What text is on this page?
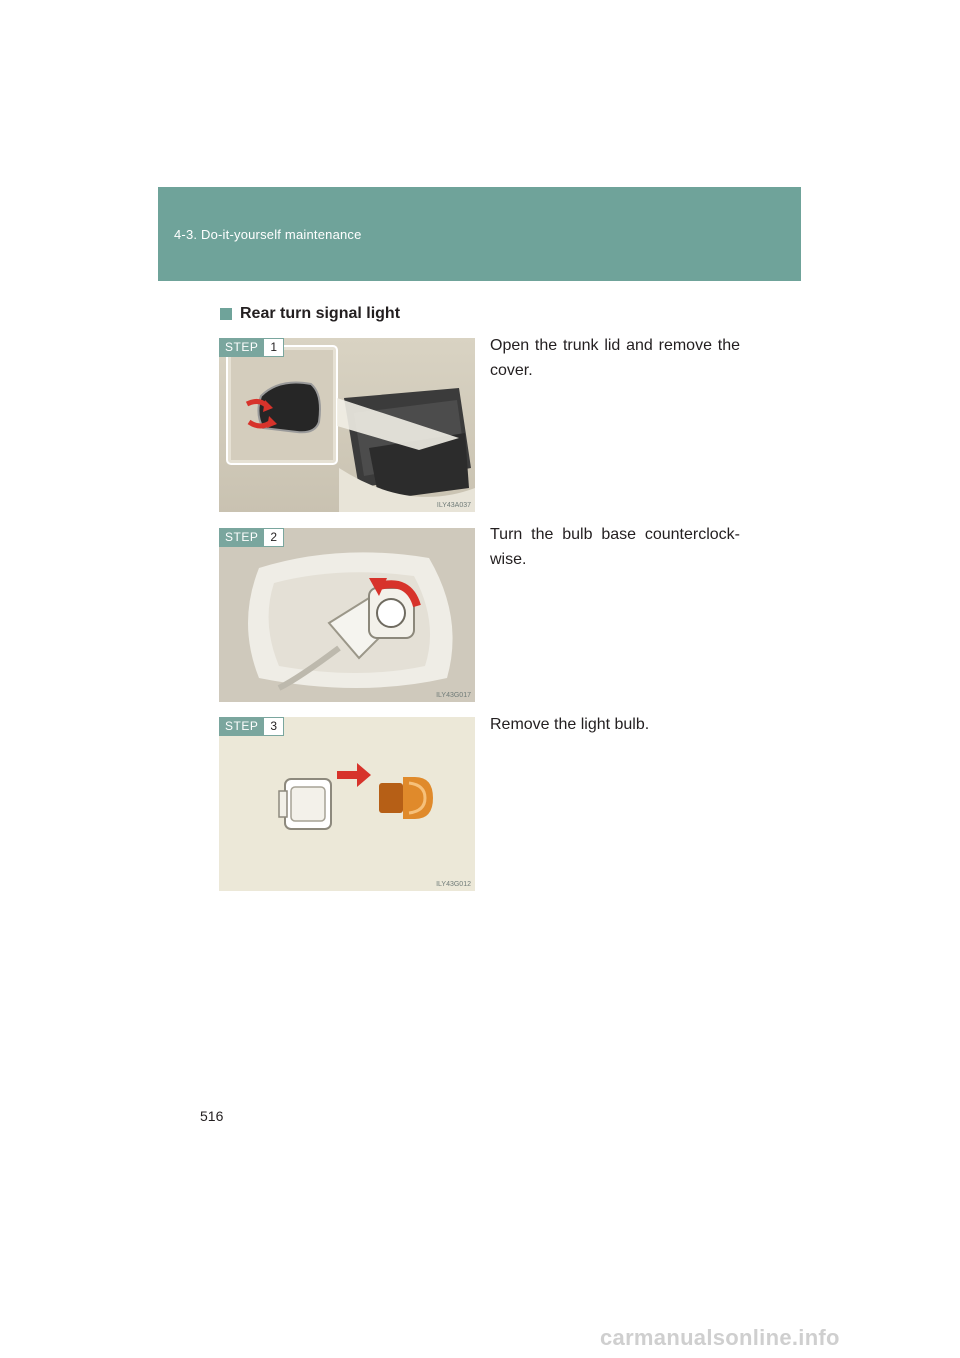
4-3. Do-it-yourself maintenance
Rear turn signal light
STEP	1
ILY43A037
Open the trunk lid and remove the cover.
STEP	2
ILY43G017
Turn the bulb base counterclock-wise.
STEP	3
ILY43G012
Remove the light bulb.
516
carmanualsonline.info
